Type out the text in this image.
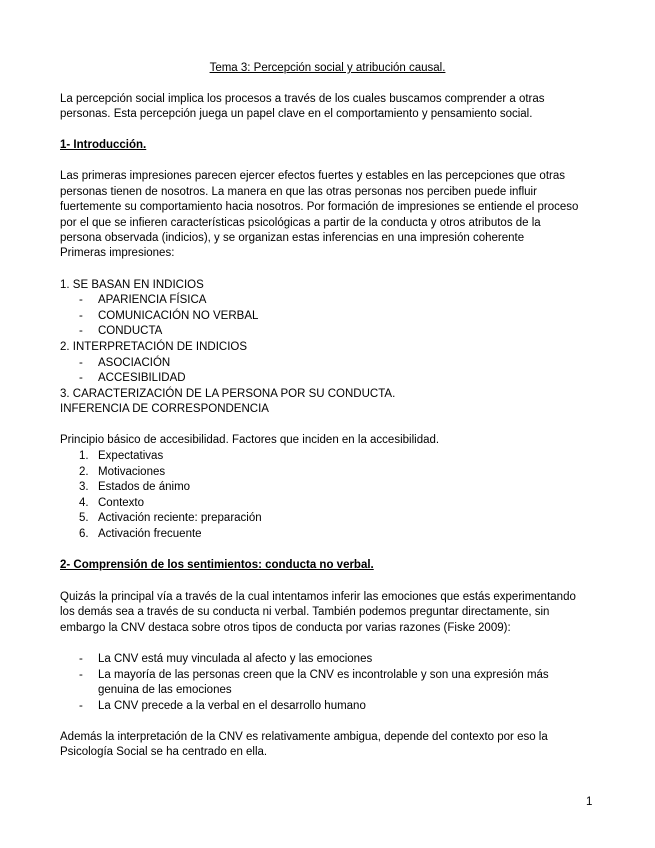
Tema 3: Percepción social y atribución causal.
La percepción social implica los procesos a través de los cuales buscamos comprender a otras
personas. Esta percepción juega un papel clave en el comportamiento y pensamiento social.
1- Introducción.
Las primeras impresiones parecen ejercer efectos fuertes y estables en las percepciones que otras
personas tienen de nosotros. La manera en que las otras personas nos perciben puede influir
fuertemente su comportamiento hacia nosotros. Por formación de impresiones se entiende el proceso
por el que se infieren características psicológicas a partir de la conducta y otros atributos de la
persona observada (indicios), y se organizan estas inferencias en una impresión coherente
Primeras impresiones:
1. SE BASAN EN INDICIOS
- APARIENCIA FÍSICA
- COMUNICACIÓN NO VERBAL
- CONDUCTA
2. INTERPRETACIÓN DE INDICIOS
- ASOCIACIÓN
- ACCESIBILIDAD
3. CARACTERIZACIÓN DE LA PERSONA POR SU CONDUCTA.
INFERENCIA DE CORRESPONDENCIA
Principio básico de accesibilidad. Factores que inciden en la accesibilidad.
1. Expectativas
2. Motivaciones
3. Estados de ánimo
4. Contexto
5. Activación reciente: preparación
6. Activación frecuente
2- Comprensión de los sentimientos: conducta no verbal.
Quizás la principal vía a través de la cual intentamos inferir las emociones que estás experimentando
los demás sea a través de su conducta ni verbal. También podemos preguntar directamente, sin
embargo la CNV destaca sobre otros tipos de conducta por varias razones (Fiske 2009):
- La CNV está muy vinculada al afecto y las emociones
- La mayoría de las personas creen que la CNV es incontrolable y son una expresión más
genuina de las emociones
- La CNV precede a la verbal en el desarrollo humano
Además la interpretación de la CNV es relativamente ambigua, depende del contexto por eso la
Psicología Social se ha centrado en ella.
1
